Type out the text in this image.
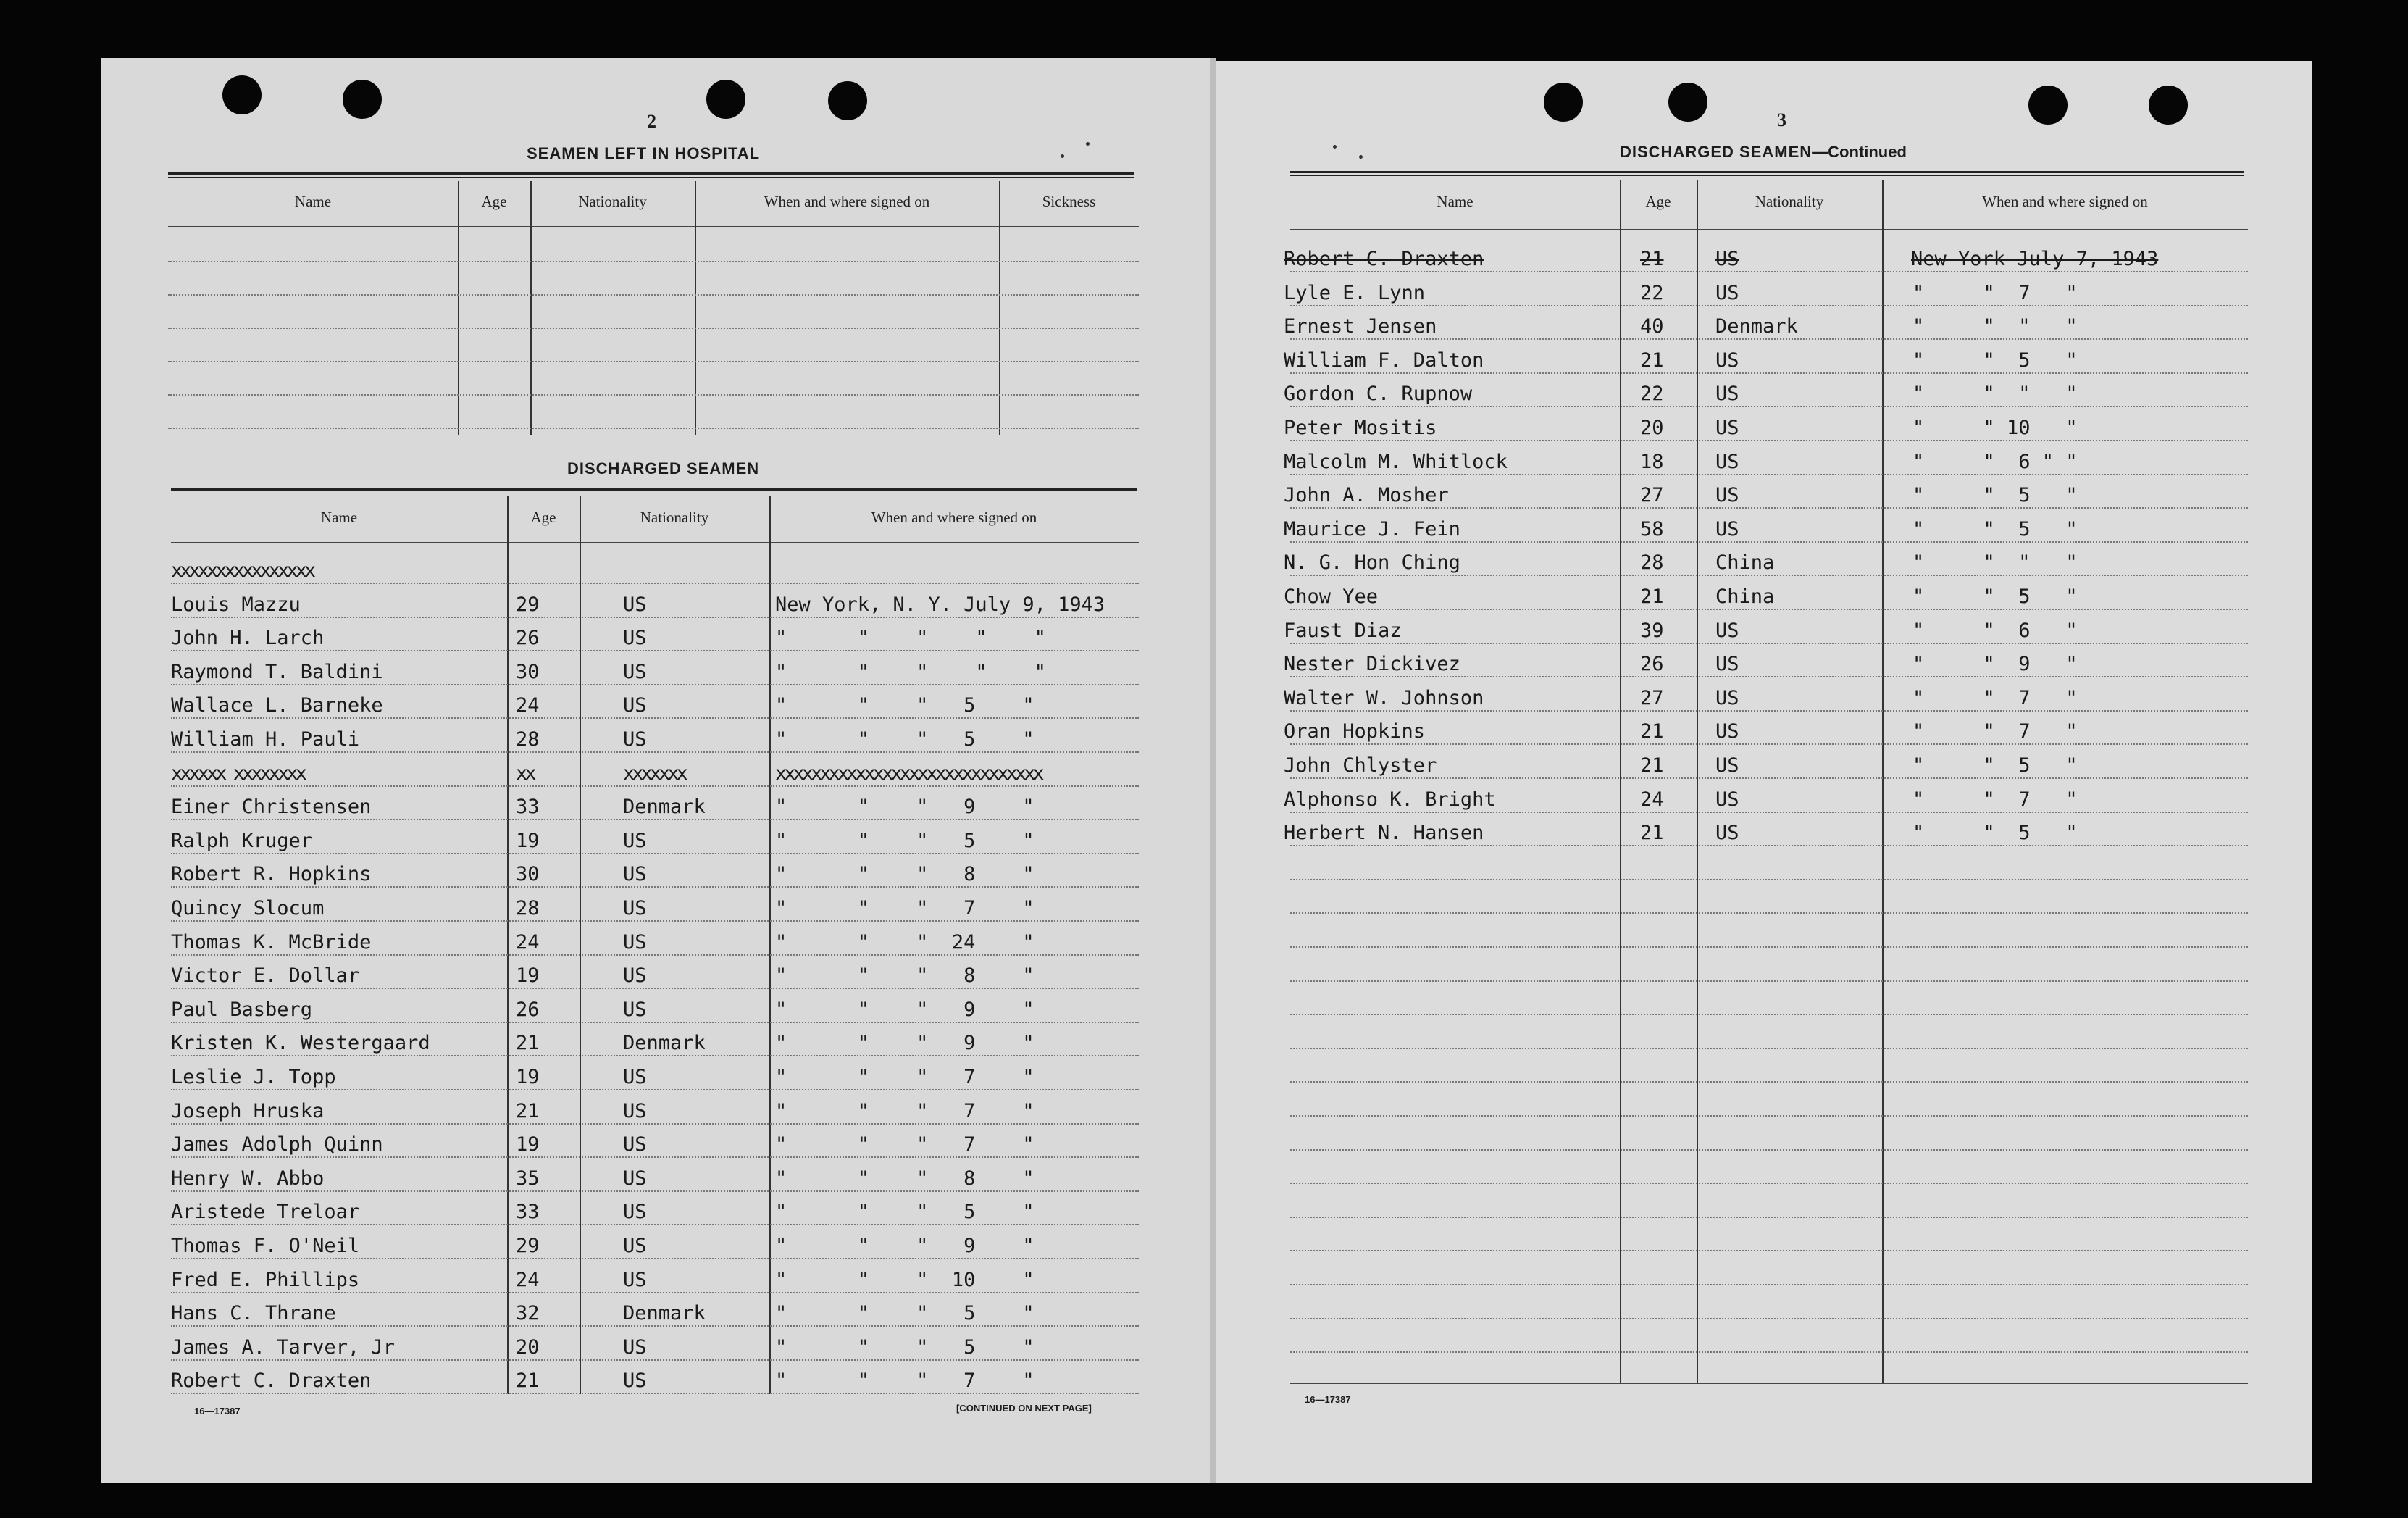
2
SEAMEN LEFT IN HOSPITAL
Name	Age	Nationality	When and where signed on	Sickness
DISCHARGED SEAMEN
Name	Age	Nationality	When and where signed on
xxxxxxxxxxxxxxxx
Louis Mazzu	29	US	New York, N. Y. July 9, 1943
John H. Larch	26	US	"      "    "    "    "
Raymond T. Baldini	30	US	"      "    "    "    "
Wallace L. Barneke	24	US	"      "    "   5    "
William H. Pauli	28	US	"      "    "   5    "
xxxxxx xxxxxxxx	xx	xxxxxxx	xxxxxxxxxxxxxxxxxxxxxxxxxxxxxx
Einer Christensen	33	Denmark	"      "    "   9    "
Ralph Kruger	19	US	"      "    "   5    "
Robert R. Hopkins	30	US	"      "    "   8    "
Quincy Slocum	28	US	"      "    "   7    "
Thomas K. McBride	24	US	"      "    "  24    "
Victor E. Dollar	19	US	"      "    "   8    "
Paul Basberg	26	US	"      "    "   9    "
Kristen K. Westergaard	21	Denmark	"      "    "   9    "
Leslie J. Topp	19	US	"      "    "   7    "
Joseph Hruska	21	US	"      "    "   7    "
James Adolph Quinn	19	US	"      "    "   7    "
Henry W. Abbo	35	US	"      "    "   8    "
Aristede Treloar	33	US	"      "    "   5    "
Thomas F. O'Neil	29	US	"      "    "   9    "
Fred E. Phillips	24	US	"      "    "  10    "
Hans C. Thrane	32	Denmark	"      "    "   5    "
James A. Tarver, Jr	20	US	"      "    "   5    "
Robert C. Draxten	21	US	"      "    "   7    "
16—17387	[CONTINUED ON NEXT PAGE]
3
DISCHARGED SEAMEN—Continued
Name	Age	Nationality	When and where signed on
Robert C. Draxten	21	US	New York July 7, 1943
Lyle E. Lynn	22	US	"     "  7   "
Ernest Jensen	40	Denmark	"     "  "   "
William F. Dalton	21	US	"     "  5   "
Gordon C. Rupnow	22	US	"     "  "   "
Peter Mositis	20	US	"     " 10   "
Malcolm M. Whitlock	18	US	"     "  6 " "
John A. Mosher	27	US	"     "  5   "
Maurice J. Fein	58	US	"     "  5   "
N. G. Hon Ching	28	China	"     "  "   "
Chow Yee	21	China	"     "  5   "
Faust Diaz	39	US	"     "  6   "
Nester Dickivez	26	US	"     "  9   "
Walter W. Johnson	27	US	"     "  7   "
Oran Hopkins	21	US	"     "  7   "
John Chlyster	21	US	"     "  5   "
Alphonso K. Bright	24	US	"     "  7   "
Herbert N. Hansen	21	US	"     "  5   "
16—17387
